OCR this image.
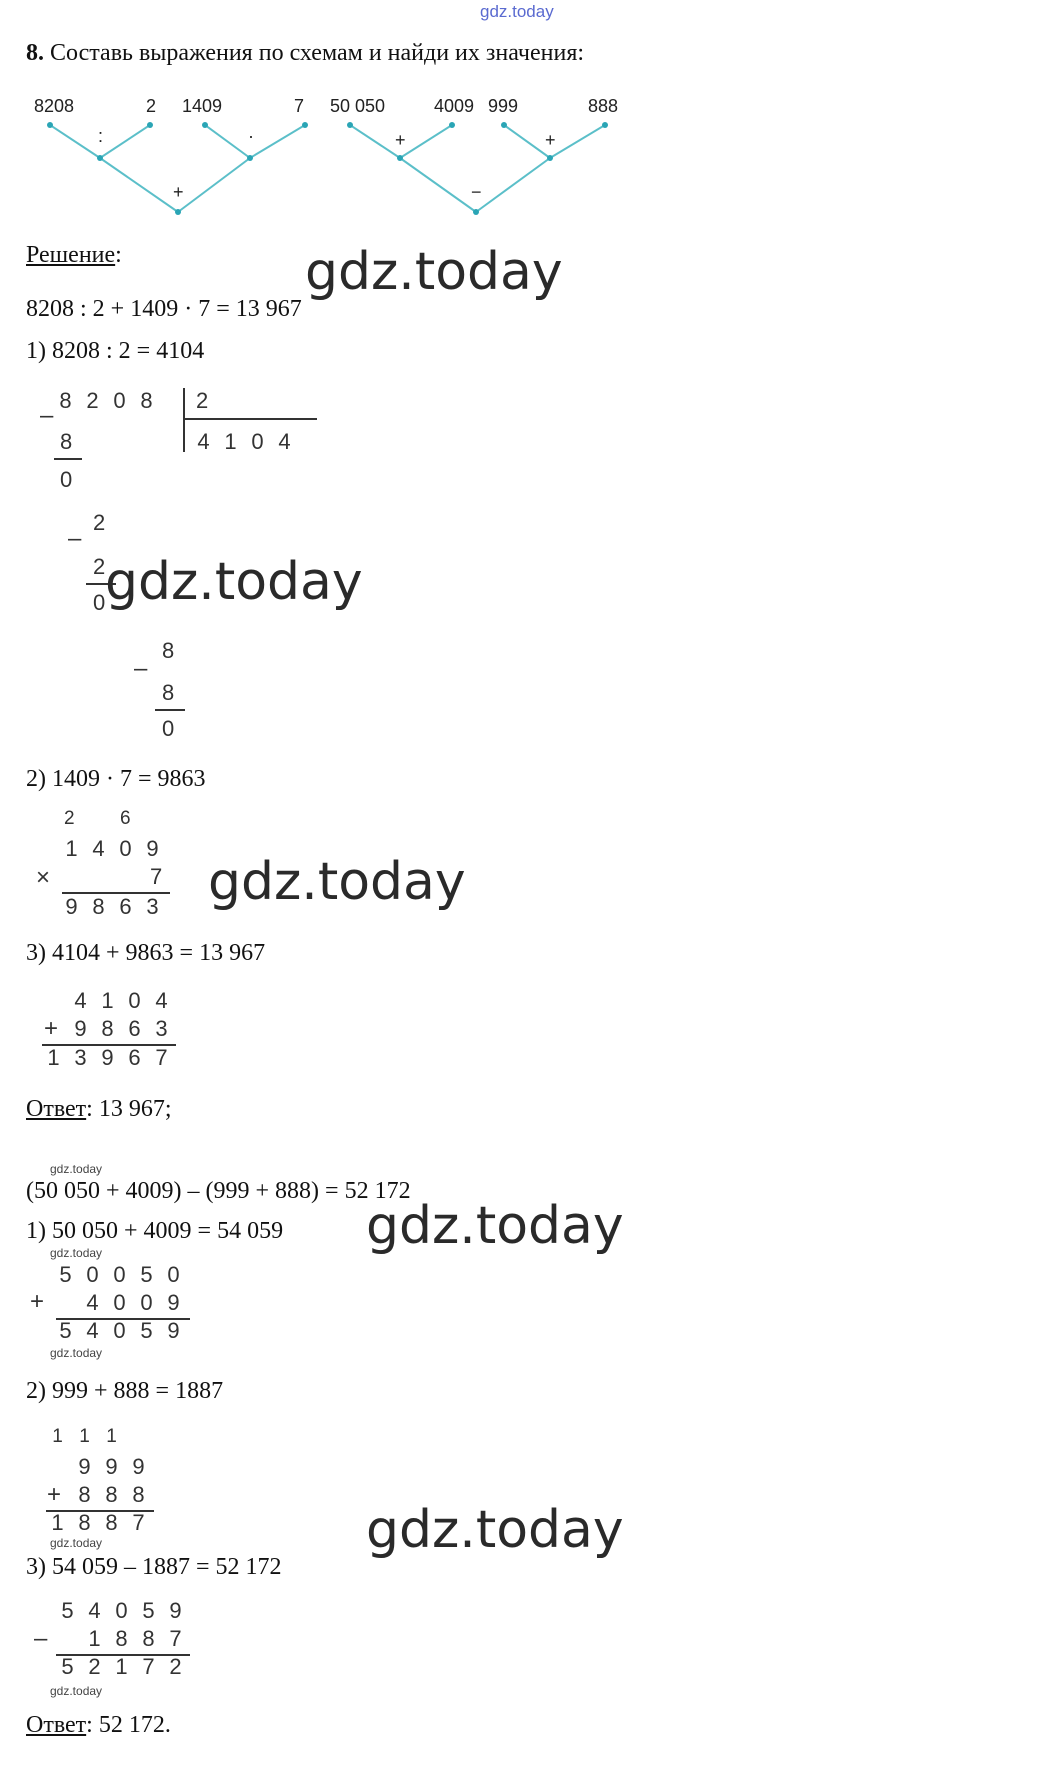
gdz.today
8. Составь выражения по схемам и найди их значения:
8208	2 1409	7
:	·
+
50 050	4009 999	888
+	+
−
Решение:	gdz.today
8208 : 2 + 1409 · 7 = 13 967
1) 8208 : 2 = 4104
–
8 2 0 8	2
4 1 0 4
8
0
–
2
2
0
–
8
8
0
gdz.today
2) 1409 · 7 = 9863
2 6
1 4 0 9
×	7
9 8 6 3 gdz.today
3) 4104 + 9863 = 13 967
4 1 0 4
+ 9 8 6 3
1 3 9 6 7
Ответ: 13 967;
gdz.today
(50 050 + 4009) – (999 + 888) = 52 172
1) 50 050 + 4009 = 54 059 gdz.today
gdz.today
5 0 0 5 0
+	4 0 0 9
5 4 0 5 9
gdz.today
2) 999 + 888 = 1887
1 1 1
9 9 9
+ 8 8 8
1 8 8 7
gdz.today	gdz.today
3) 54 059 – 1887 = 52 172
5 4 0 5 9
–	1 8 8 7
5 2 1 7 2
gdz.today
Ответ: 52 172.
